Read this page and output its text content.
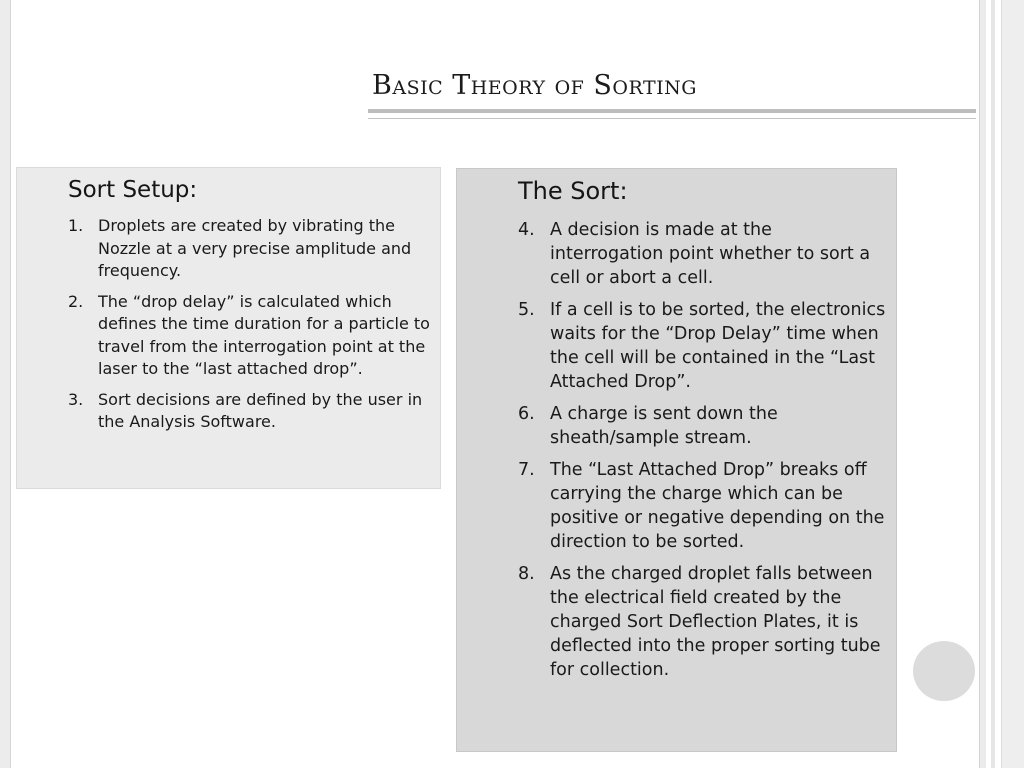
Basic Theory of Sorting
Sort Setup:
1. Droplets are created by vibrating the Nozzle at a very precise amplitude and frequency.
2. The “drop delay” is calculated which defines the time duration for a particle to travel from the interrogation point at the laser to the “last attached drop”.
3. Sort decisions are defined by the user in the Analysis Software.
The Sort:
4. A decision is made at the interrogation point whether to sort a cell or abort a cell.
5. If a cell is to be sorted, the electronics waits for the “Drop Delay” time when the cell will be contained in the “Last Attached Drop”.
6. A charge is sent down the sheath/sample stream.
7. The “Last Attached Drop” breaks off carrying the charge which can be positive or negative depending on the direction to be sorted.
8. As the charged droplet falls between the electrical field created by the charged Sort Deflection Plates, it is deflected into the proper sorting tube for collection.
